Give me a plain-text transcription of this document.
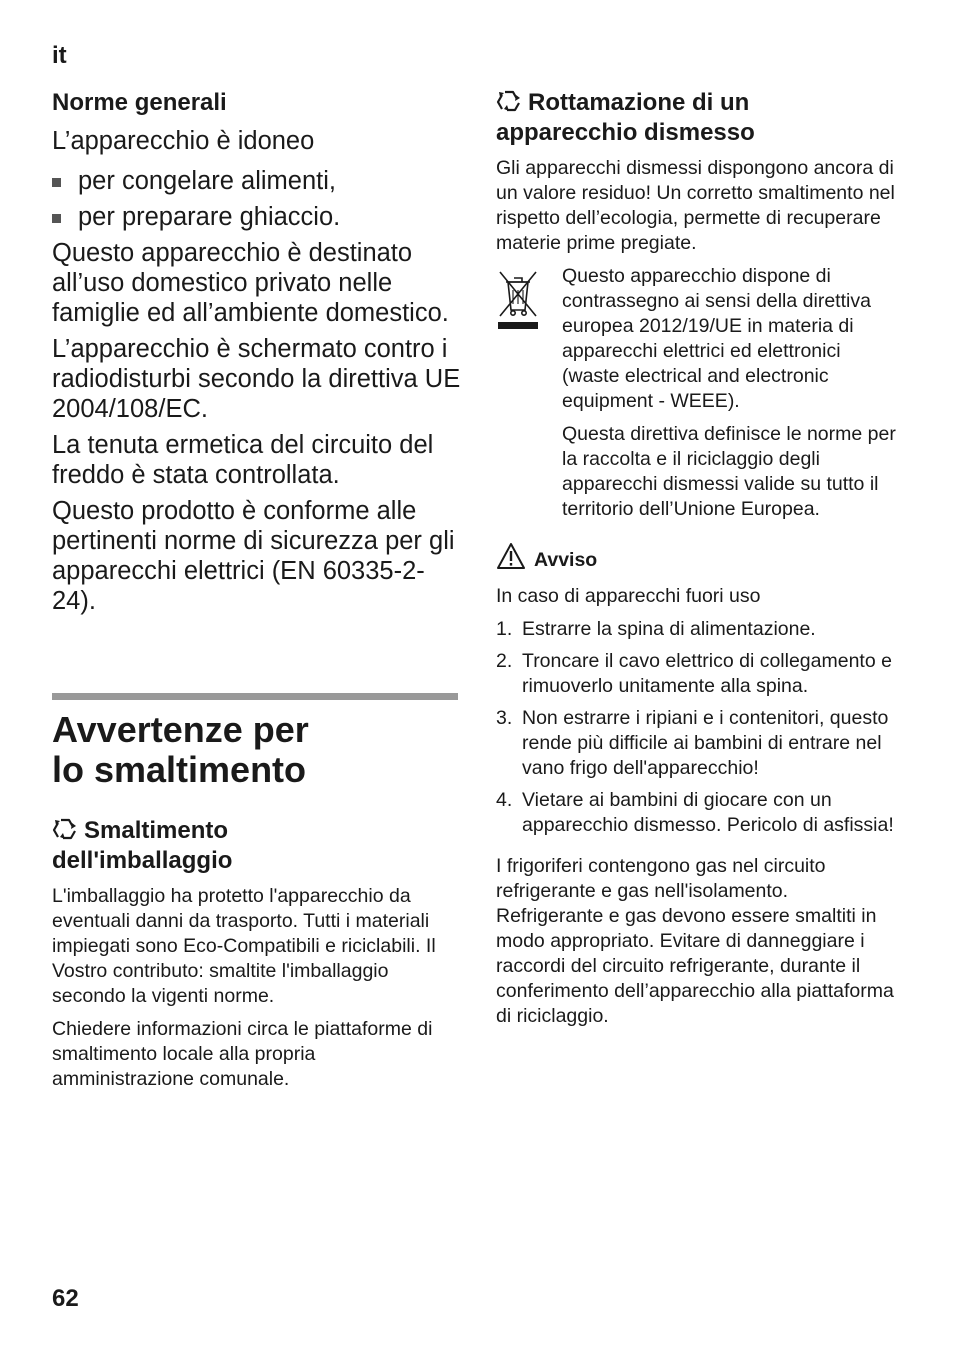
it
Norme generali

L’apparecchio è idoneo

per congelare alimenti,
per preparare ghiaccio.

Questo apparecchio è destinato all’uso domestico privato nelle famiglie ed all’ambiente domestico.

L’apparecchio è schermato contro i radiodisturbi secondo la direttiva UE 2004/108/EC.

La tenuta ermetica del circuito del freddo è stata controllata.

Questo prodotto è conforme alle pertinenti norme di sicurezza per gli apparecchi elettrici (EN 60335-2-24).

Avvertenze per
lo smaltimento
Smaltimento
dell'imballaggio

L'imballaggio ha protetto l'apparecchio da eventuali danni da trasporto. Tutti i materiali impiegati sono Eco-Compatibili e riciclabili. Il Vostro contributo: smaltite l'imballaggio secondo la vigenti norme.

Chiedere informazioni circa le piattaforme di smaltimento locale alla propria amministrazione comunale.

Rottamazione di un
apparecchio dismesso

Gli apparecchi dismessi dispongono ancora di un valore residuo! Un corretto smaltimento nel rispetto dell’ecologia, permette di recuperare materie prime pregiate.

Questo apparecchio dispone di contrassegno ai sensi della direttiva europea 2012/19/UE in materia di apparecchi elettrici ed elettronici (waste electrical and electronic equipment - WEEE).

Questa direttiva definisce le norme per la raccolta e il riciclaggio degli apparecchi dismessi valide su tutto il territorio dell’Unione Europea.

Avviso

In caso di apparecchi fuori uso

1. Estrarre la spina di alimentazione.
2. Troncare il cavo elettrico di collegamento e rimuoverlo unitamente alla spina.
3. Non estrarre i ripiani e i contenitori, questo rende più difficile ai bambini di entrare nel vano frigo dell'apparecchio!
4. Vietare ai bambini di giocare con un apparecchio dismesso. Pericolo di asfissia!

I frigoriferi contengono gas nel circuito refrigerante e gas nell'isolamento. Refrigerante e gas devono essere smaltiti in modo appropriato. Evitare di danneggiare i raccordi del circuito refrigerante, durante il conferimento dell’apparecchio alla piattaforma di riciclaggio.

62
